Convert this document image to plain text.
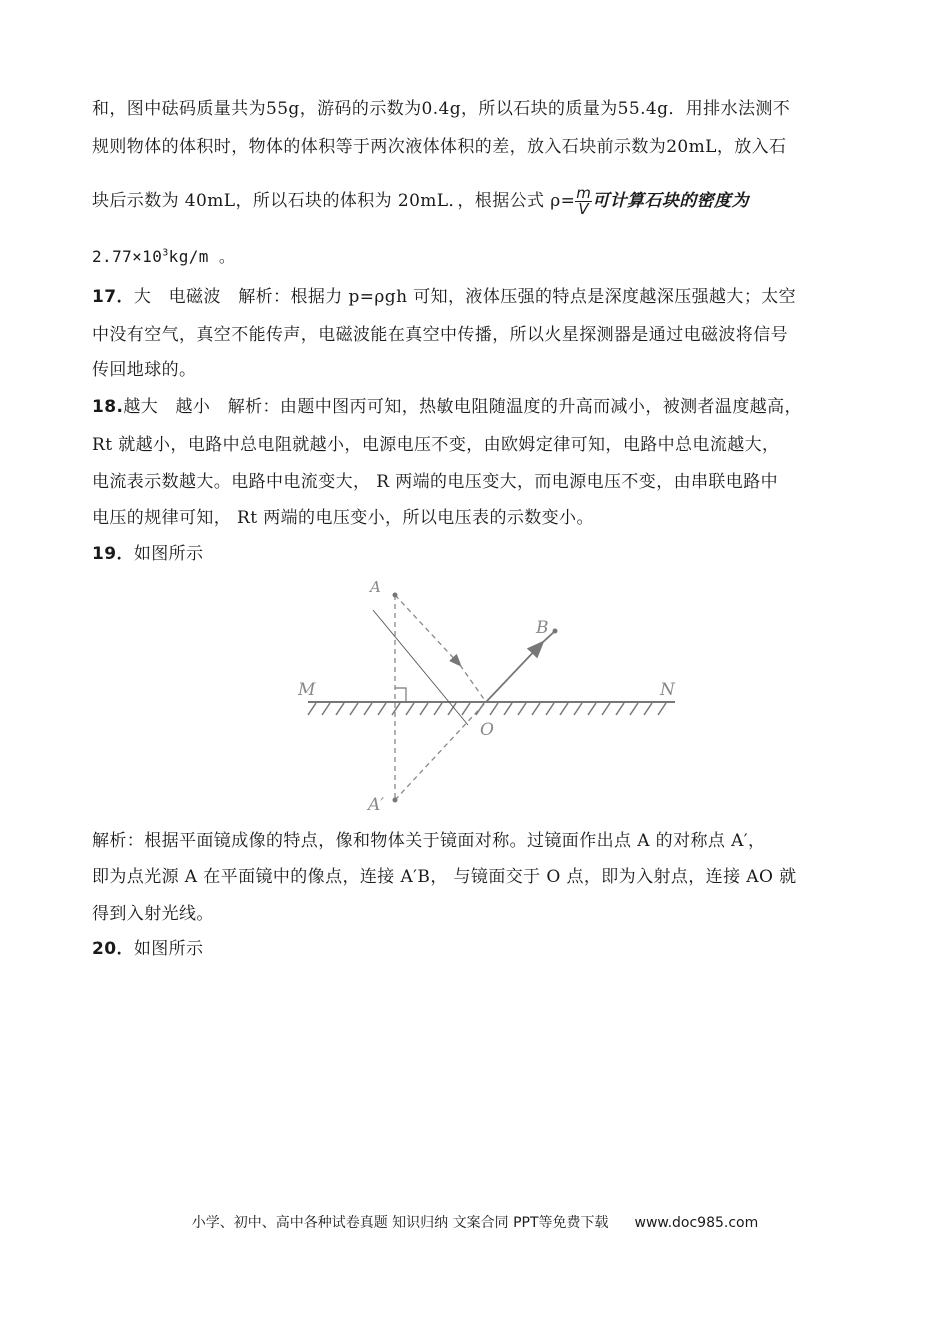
和，图中砝码质量共为55g，游码的示数为0.4g，所以石块的质量为55.4g．用排水法测不
规则物体的体积时，物体的体积等于两次液体体积的差，放入石块前示数为20mL，放入石
块后示数为 40mL，所以石块的体积为 20mL．，根据公式 $\rho= \frac{m}{V}$ 可计算石块的密度为
$2.77\times 10^3kg/m$ 。
17．大　电磁波　解析：根据力 p=ρgh 可知，液体压强的特点是深度越深压强越大；太空
中没有空气，真空不能传声，电磁波能在真空中传播，所以火星探测器是通过电磁波将信号
传回地球的。
18.越大　越小　解析：由题中图丙可知，热敏电阻随温度的升高而减小，被测者温度越高，
Rt 就越小，电路中总电阻就越小，电源电压不变，由欧姆定律可知，电路中总电流越大，
电流表示数越大。电路中电流变大， R 两端的电压变大，而电源电压不变，由串联电路中
电压的规律可知， Rt 两端的电压变小，所以电压表的示数变小。
19．如图所示
A
B
M	N
O
A′
解析：根据平面镜成像的特点，像和物体关于镜面对称。过镜面作出点 A 的对称点 A′，
即为点光源 A 在平面镜中的像点，连接 A′B， 与镜面交于 O 点，即为入射点，连接 AO 就
得到入射光线。
20．如图所示
小学、初中、高中各种试卷真题 知识归纳 文案合同 PPT等免费下载 www.doc985.com
